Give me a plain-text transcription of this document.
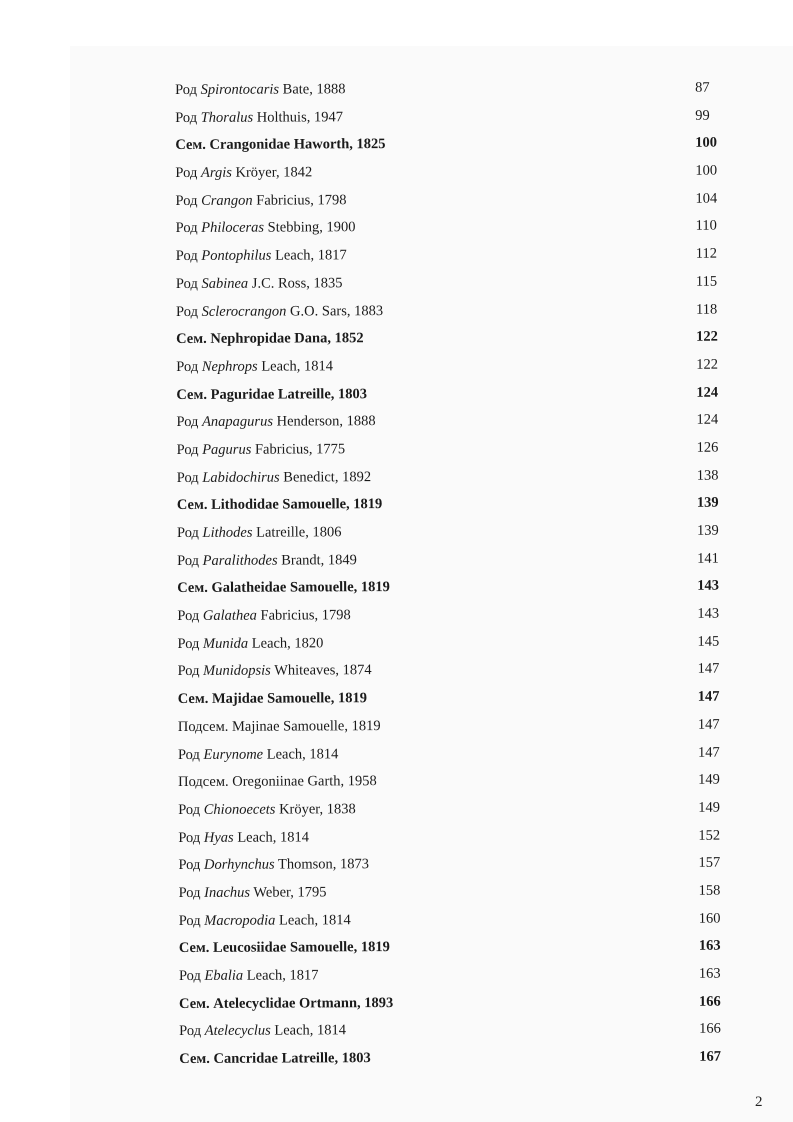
Род Spirontocaris Bate, 1888	87
Род Thoralus Holthuis, 1947	99
Сем. Crangonidae Haworth, 1825	100
Род Argis Kröyer, 1842	100
Род Crangon Fabricius, 1798	104
Род Philoceras Stebbing, 1900	110
Род Pontophilus Leach, 1817	112
Род Sabinea J.C. Ross, 1835	115
Род Sclerocrangon G.O. Sars, 1883	118
Сем. Nephropidae Dana, 1852	122
Род Nephrops Leach, 1814	122
Сем. Paguridae Latreille, 1803	124
Род Anapagurus Henderson, 1888	124
Род Pagurus Fabricius, 1775	126
Род Labidochirus Benedict, 1892	138
Сем. Lithodidae Samouelle, 1819	139
Род Lithodes Latreille, 1806	139
Род Paralithodes Brandt, 1849	141
Сем. Galatheidae Samouelle, 1819	143
Род Galathea Fabricius, 1798	143
Род Munida Leach, 1820	145
Род Munidopsis Whiteaves, 1874	147
Сем. Majidae Samouelle, 1819	147
Подсем. Majinae Samouelle, 1819	147
Род Eurynome Leach, 1814	147
Подсем. Oregoniinae Garth, 1958	149
Род Chionoecets Kröyer, 1838	149
Род Hyas Leach, 1814	152
Род Dorhynchus Thomson, 1873	157
Род Inachus Weber, 1795	158
Род Macropodia Leach, 1814	160
Сем. Leucosiidae Samouelle, 1819	163
Род Ebalia Leach, 1817	163
Сем. Atelecyclidae Ortmann, 1893	166
Род Atelecyclus Leach, 1814	166
Сем. Cancridae Latreille, 1803	167
2
